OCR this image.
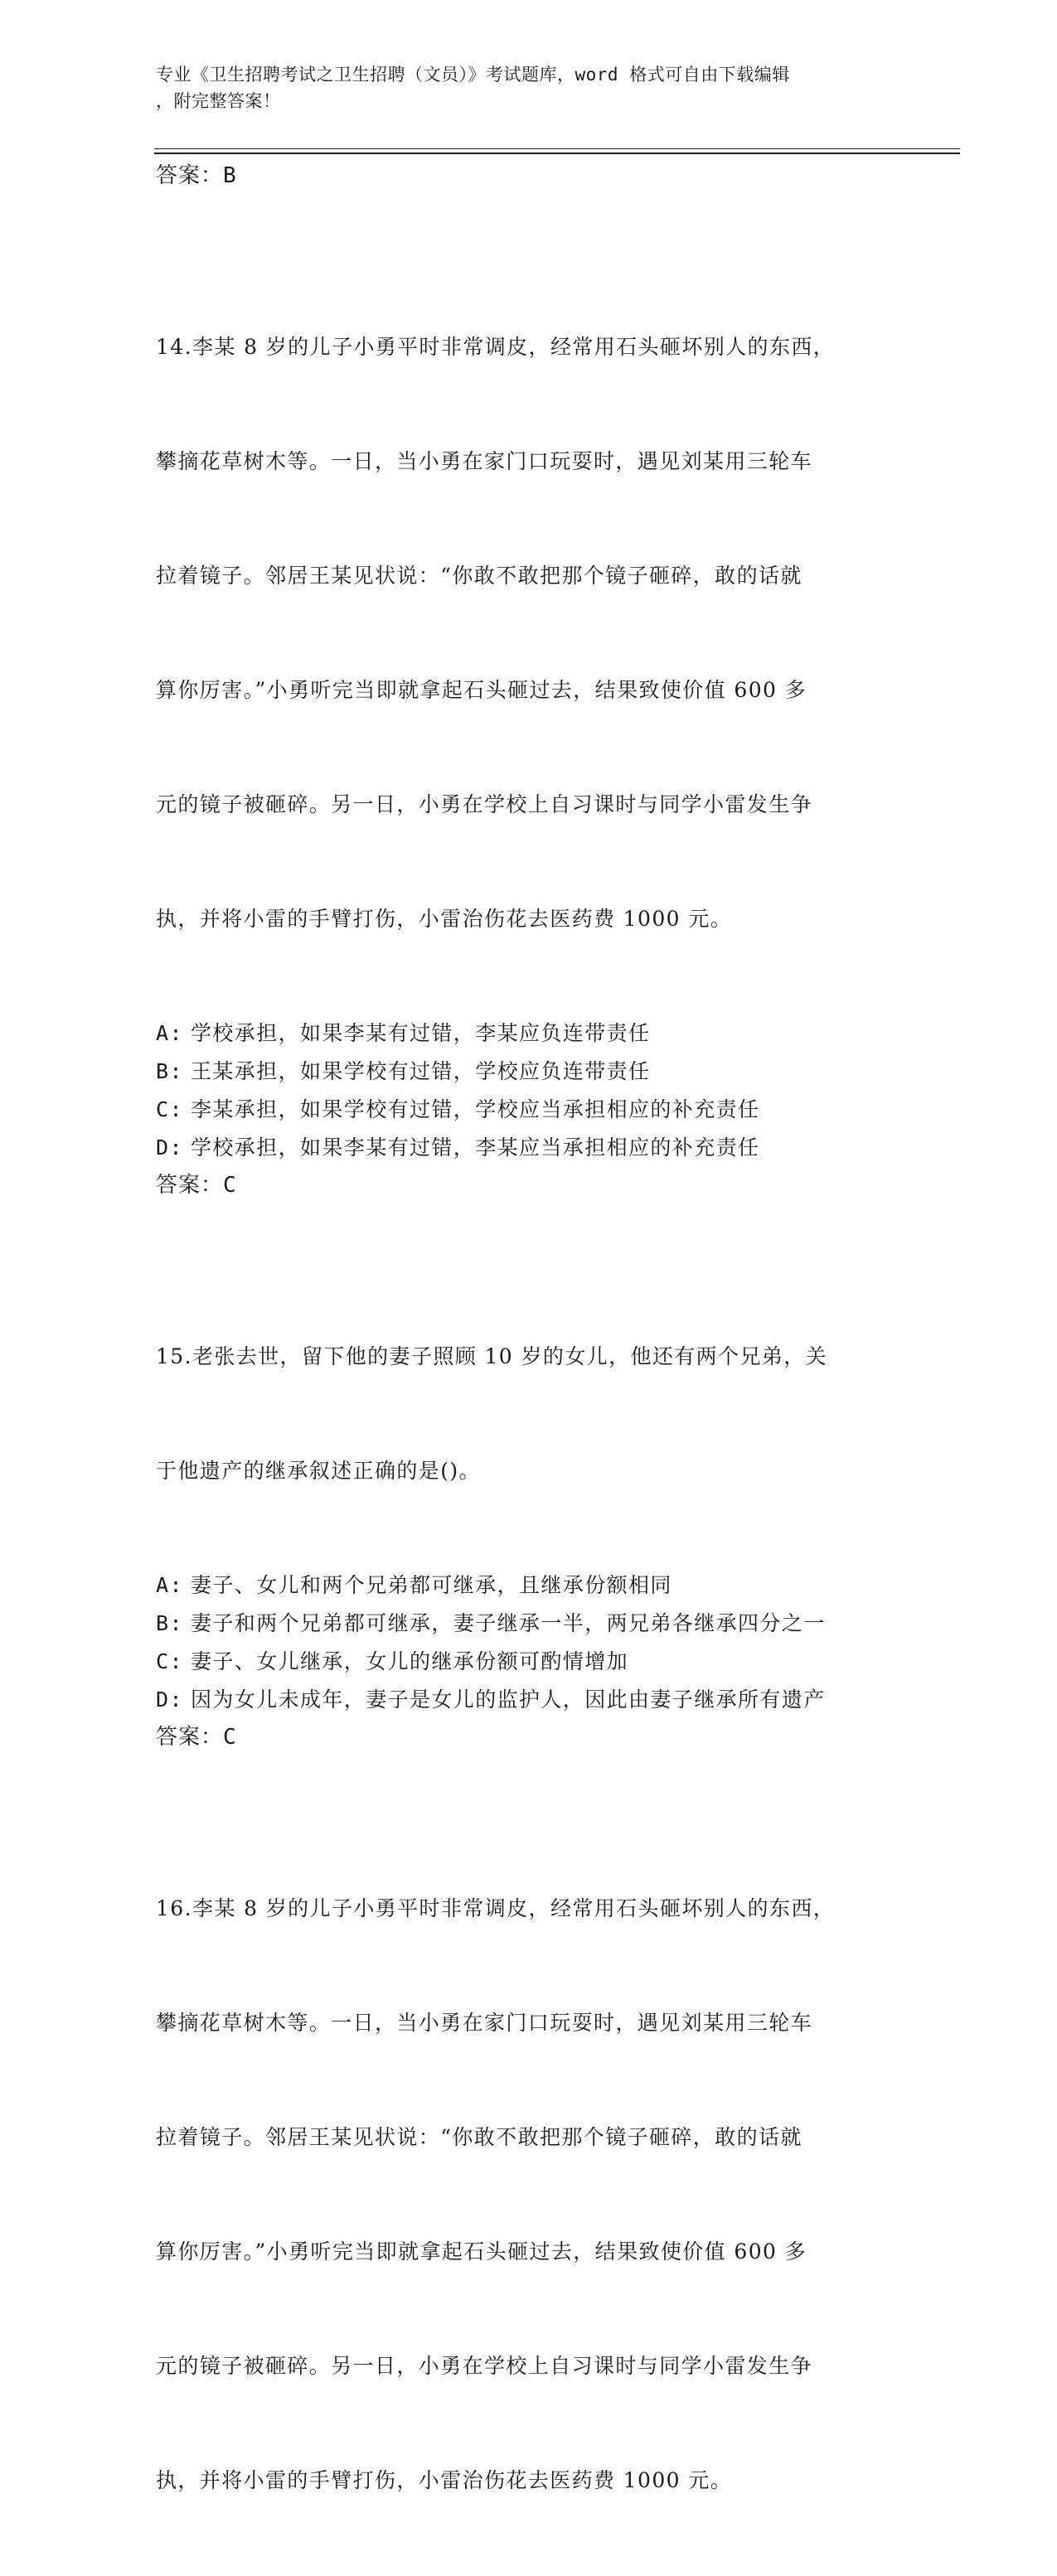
专业《卫生招聘考试之卫生招聘（文员）》考试题库，word 格式可自由下载编辑
，附完整答案！
答案：B

14.李某 8 岁的儿子小勇平时非常调皮，经常用石头砸坏别人的东西，

攀摘花草树木等。一日，当小勇在家门口玩耍时，遇见刘某用三轮车

拉着镜子。邻居王某见状说：“你敢不敢把那个镜子砸碎，敢的话就

算你厉害。”小勇听完当即就拿起石头砸过去，结果致使价值 600 多

元的镜子被砸碎。另一日，小勇在学校上自习课时与同学小雷发生争

执，并将小雷的手臂打伤，小雷治伤花去医药费 1000 元。

A: 学校承担，如果李某有过错，李某应负连带责任
B: 王某承担，如果学校有过错，学校应负连带责任
C: 李某承担，如果学校有过错，学校应当承担相应的补充责任
D: 学校承担，如果李某有过错，李某应当承担相应的补充责任
答案：C

15.老张去世，留下他的妻子照顾 10 岁的女儿，他还有两个兄弟，关

于他遗产的继承叙述正确的是()。

A: 妻子、女儿和两个兄弟都可继承，且继承份额相同
B: 妻子和两个兄弟都可继承，妻子继承一半，两兄弟各继承四分之一
C: 妻子、女儿继承，女儿的继承份额可酌情增加
D: 因为女儿未成年，妻子是女儿的监护人，因此由妻子继承所有遗产
答案：C

16.李某 8 岁的儿子小勇平时非常调皮，经常用石头砸坏别人的东西，

攀摘花草树木等。一日，当小勇在家门口玩耍时，遇见刘某用三轮车

拉着镜子。邻居王某见状说：“你敢不敢把那个镜子砸碎，敢的话就

算你厉害。”小勇听完当即就拿起石头砸过去，结果致使价值 600 多

元的镜子被砸碎。另一日，小勇在学校上自习课时与同学小雷发生争

执，并将小雷的手臂打伤，小雷治伤花去医药费 1000 元。
